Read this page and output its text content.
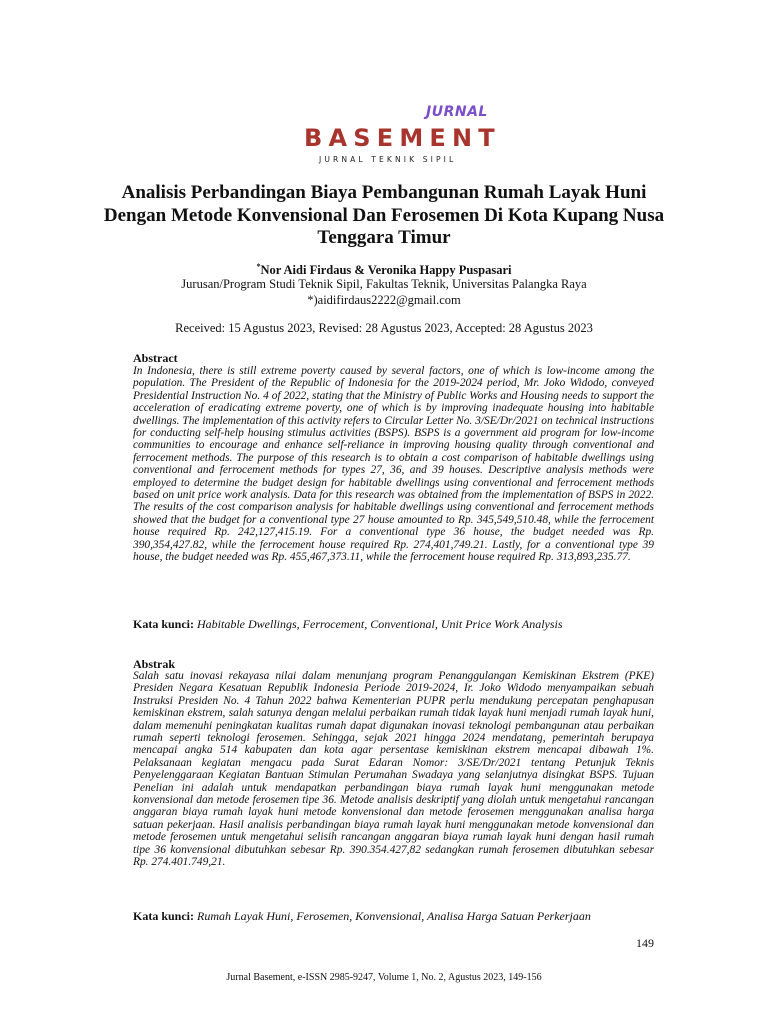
JURNAL
BASEMENT
JURNAL TEKNIK SIPIL
Analisis Perbandingan Biaya Pembangunan Rumah Layak Huni Dengan Metode Konvensional Dan Ferosemen Di Kota Kupang Nusa Tenggara Timur
*Nor Aidi Firdaus & Veronika Happy Puspasari
Jurusan/Program Studi Teknik Sipil, Fakultas Teknik, Universitas Palangka Raya
*)aidifirdaus2222@gmail.com
Received: 15 Agustus 2023, Revised: 28 Agustus 2023, Accepted: 28 Agustus 2023
Abstract

In Indonesia, there is still extreme poverty caused by several factors, one of which is low-income among the population. The President of the Republic of Indonesia for the 2019-2024 period, Mr. Joko Widodo, conveyed Presidential Instruction No. 4 of 2022, stating that the Ministry of Public Works and Housing needs to support the acceleration of eradicating extreme poverty, one of which is by improving inadequate housing into habitable dwellings. The implementation of this activity refers to Circular Letter No. 3/SE/Dr/2021 on technical instructions for conducting self-help housing stimulus activities (BSPS). BSPS is a government aid program for low-income communities to encourage and enhance self-reliance in improving housing quality through conventional and ferrocement methods. The purpose of this research is to obtain a cost comparison of habitable dwellings using conventional and ferrocement methods for types 27, 36, and 39 houses. Descriptive analysis methods were employed to determine the budget design for habitable dwellings using conventional and ferrocement methods based on unit price work analysis. Data for this research was obtained from the implementation of BSPS in 2022. The results of the cost comparison analysis for habitable dwellings using conventional and ferrocement methods showed that the budget for a conventional type 27 house amounted to Rp. 345,549,510.48, while the ferrocement house required Rp. 242,127,415.19. For a conventional type 36 house, the budget needed was Rp. 390,354,427.82, while the ferrocement house required Rp. 274,401,749.21. Lastly, for a conventional type 39 house, the budget needed was Rp. 455,467,373.11, while the ferrocement house required Rp. 313,893,235.77.

Kata kunci: Habitable Dwellings, Ferrocement, Conventional, Unit Price Work Analysis
Abstrak

Salah satu inovasi rekayasa nilai dalam menunjang program Penanggulangan Kemiskinan Ekstrem (PKE) Presiden Negara Kesatuan Republik Indonesia Periode 2019-2024, Ir. Joko Widodo menyampaikan sebuah Instruksi Presiden No. 4 Tahun 2022 bahwa Kementerian PUPR perlu mendukung percepatan penghapusan kemiskinan ekstrem, salah satunya dengan melalui perbaikan rumah tidak layak huni menjadi rumah layak huni, dalam memenuhi peningkatan kualitas rumah dapat digunakan inovasi teknologi pembangunan atau perbaikan rumah seperti teknologi ferosemen. Sehingga, sejak 2021 hingga 2024 mendatang, pemerintah berupaya mencapai angka 514 kabupaten dan kota agar persentase kemiskinan ekstrem mencapai dibawah 1%. Pelaksanaan kegiatan mengacu pada Surat Edaran Nomor: 3/SE/Dr/2021 tentang Petunjuk Teknis Penyelenggaraan Kegiatan Bantuan Stimulan Perumahan Swadaya yang selanjutnya disingkat BSPS. Tujuan Penelian ini adalah untuk mendapatkan perbandingan biaya rumah layak huni menggunakan metode konvensional dan metode ferosemen tipe 36. Metode analisis deskriptif yang diolah untuk mengetahui rancangan anggaran biaya rumah layak huni metode konvensional dan metode ferosemen menggunakan analisa harga satuan pekerjaan. Hasil analisis perbandingan biaya rumah layak huni menggunakan metode konvensional dan metode ferosemen untuk mengetahui selisih rancangan anggaran biaya rumah layak huni dengan hasil rumah tipe 36 konvensional dibutuhkan sebesar Rp. 390.354.427,82 sedangkan rumah ferosemen dibutuhkan sebesar Rp. 274.401.749,21.

Kata kunci: Rumah Layak Huni, Ferosemen, Konvensional, Analisa Harga Satuan Perkerjaan
149
Jurnal Basement, e-ISSN 2985-9247, Volume 1, No. 2, Agustus 2023, 149-156
